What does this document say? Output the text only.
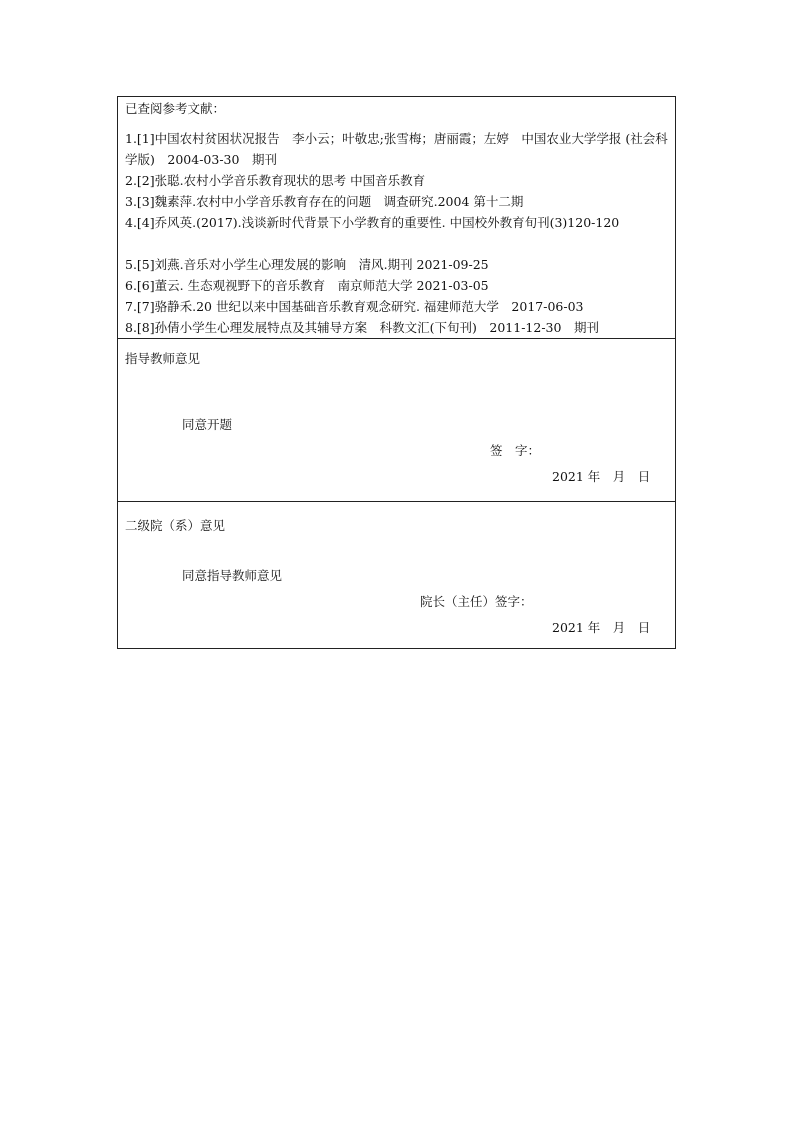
已查阅参考文献：
1.[1]中国农村贫困状况报告　李小云；叶敬忠;张雪梅；唐丽霞；左婷　中国农业大学学报 (社会科学版)　2004-03-30　期刊
2.[2]张聪.农村小学音乐教育现状的思考 中国音乐教育
3.[3]魏素萍.农村中小学音乐教育存在的问题　调查研究.2004 第十二期
4.[4]乔风英.(2017).浅谈新时代背景下小学教育的重要性. 中国校外教育旬刊(3)120-120
5.[5]刘燕.音乐对小学生心理发展的影响　清风.期刊 2021-09-25
6.[6]董云. 生态观视野下的音乐教育　南京师范大学 2021-03-05
7.[7]骆静禾.20 世纪以来中国基础音乐教育观念研究. 福建师范大学　2017-06-03
8.[8]孙倩小学生心理发展特点及其辅导方案　科教文汇(下旬刊)　2011-12-30　期刊
指导教师意见
同意开题
签　字：
2021 年　月　日
二级院（系）意见
同意指导教师意见
院长（主任）签字：
2021 年　月　日
